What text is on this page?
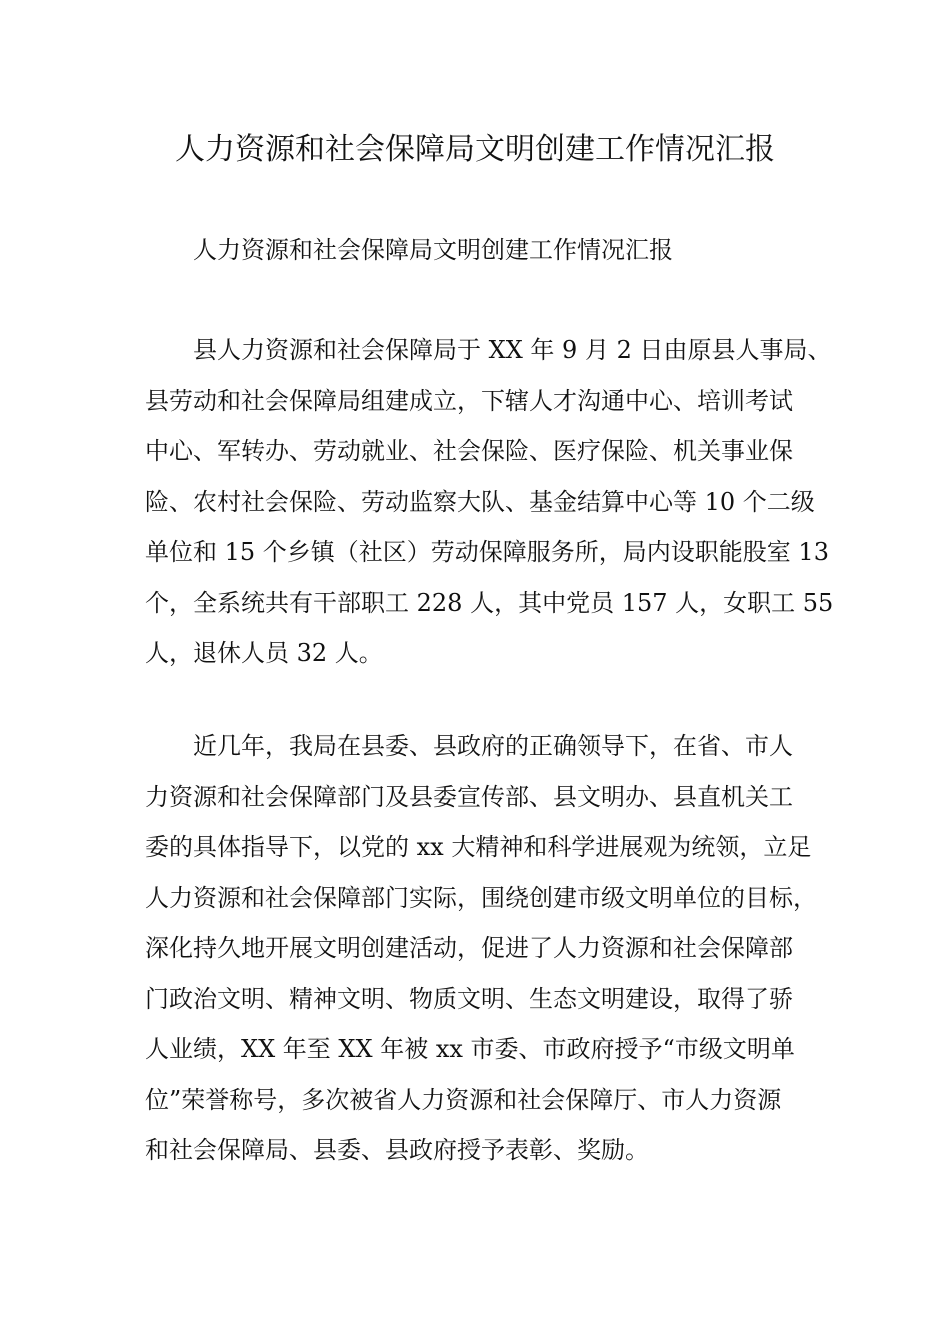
人力资源和社会保障局文明创建工作情况汇报
人力资源和社会保障局文明创建工作情况汇报
县人力资源和社会保障局于 XX 年 9 月 2 日由原县人事局、
县劳动和社会保障局组建成立，下辖人才沟通中心、培训考试
中心、军转办、劳动就业、社会保险、医疗保险、机关事业保
险、农村社会保险、劳动监察大队、基金结算中心等 10 个二级
单位和 15 个乡镇（社区）劳动保障服务所，局内设职能股室 13
个，全系统共有干部职工 228 人，其中党员 157 人，女职工 55
人，退休人员 32 人。
近几年，我局在县委、县政府的正确领导下，在省、市人
力资源和社会保障部门及县委宣传部、县文明办、县直机关工
委的具体指导下，以党的 xx 大精神和科学进展观为统领，立足
人力资源和社会保障部门实际，围绕创建市级文明单位的目标，
深化持久地开展文明创建活动，促进了人力资源和社会保障部
门政治文明、精神文明、物质文明、生态文明建设，取得了骄
人业绩，XX 年至 XX 年被 xx 市委、市政府授予“市级文明单
位”荣誉称号，多次被省人力资源和社会保障厅、市人力资源
和社会保障局、县委、县政府授予表彰、奖励。
